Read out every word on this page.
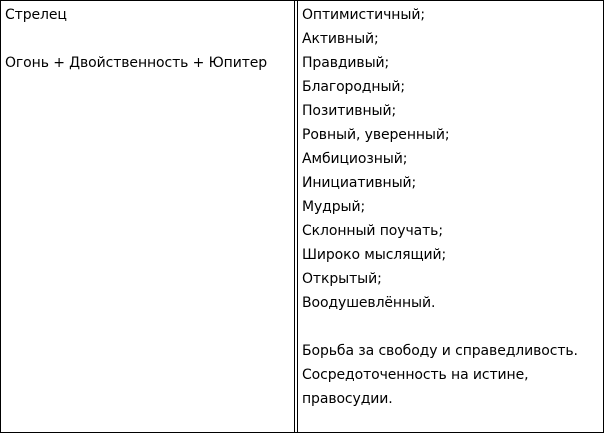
Стрелец
Огонь + Двойственность + Юпитер
Оптимистичный;
Активный;
Правдивый;
Благородный;
Позитивный;
Ровный, уверенный;
Амбициозный;
Инициативный;
Мудрый;
Склонный поучать;
Широко мыслящий;
Открытый;
Воодушевлённый.
Борьба за свободу и справедливость.
Сосредоточенность на истине,
правосудии.
